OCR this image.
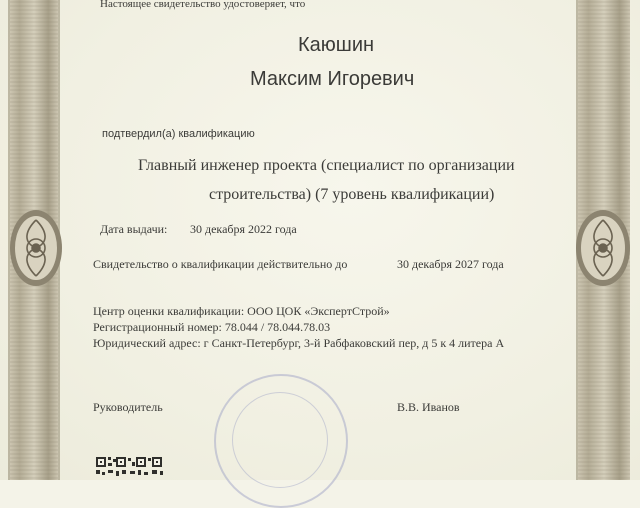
Настоящее свидетельство удостоверяет, что
Каюшин
Максим Игоревич
подтвердил(а) квалификацию
Главный инженер проекта (специалист по организации
строительства) (7 уровень квалификации)
Дата выдачи: 30 декабря 2022 года
Свидетельство о квалификации действительно до	30 декабря 2027 года
Центр оценки квалификации: ООО ЦОК «ЭкспертСтрой»
Регистрационный номер: 78.044 / 78.044.78.03
Юридический адрес: г Санкт-Петербург, 3-й Рабфаковский пер, д 5 к 4 литера А
Руководитель	В.В. Иванов
